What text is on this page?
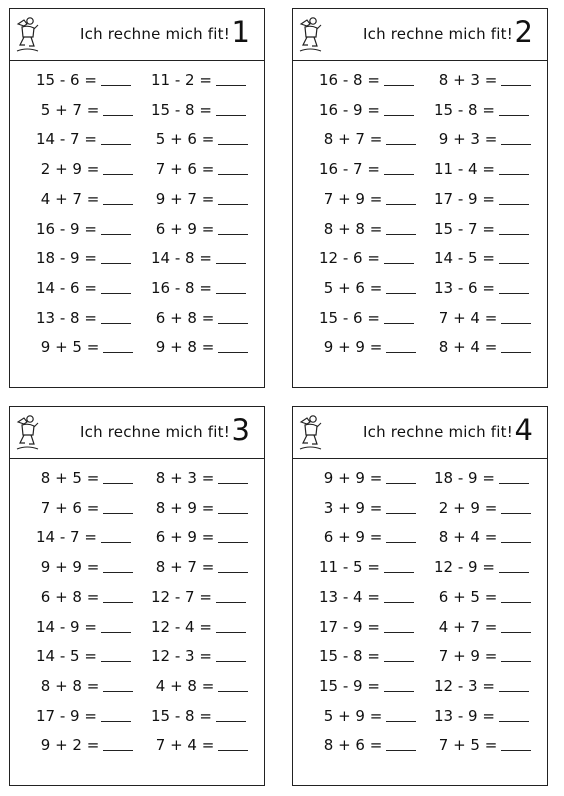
Ich rechne mich fit! 1
15 - 6 =	11 - 2 =
5 + 7 =	15 - 8 =
14 - 7 =	5 + 6 =
2 + 9 =	7 + 6 =
4 + 7 =	9 + 7 =
16 - 9 =	6 + 9 =
18 - 9 =	14 - 8 =
14 - 6 =	16 - 8 =
13 - 8 =	6 + 8 =
9 + 5 =	9 + 8 =
Ich rechne mich fit! 2
16 - 8 =	8 + 3 =
16 - 9 =	15 - 8 =
8 + 7 =	9 + 3 =
16 - 7 =	11 - 4 =
7 + 9 =	17 - 9 =
8 + 8 =	15 - 7 =
12 - 6 =	14 - 5 =
5 + 6 =	13 - 6 =
15 - 6 =	7 + 4 =
9 + 9 =	8 + 4 =
Ich rechne mich fit! 3
8 + 5 =	8 + 3 =
7 + 6 =	8 + 9 =
14 - 7 =	6 + 9 =
9 + 9 =	8 + 7 =
6 + 8 =	12 - 7 =
14 - 9 =	12 - 4 =
14 - 5 =	12 - 3 =
8 + 8 =	4 + 8 =
17 - 9 =	15 - 8 =
9 + 2 =	7 + 4 =
Ich rechne mich fit! 4
9 + 9 =	18 - 9 =
3 + 9 =	2 + 9 =
6 + 9 =	8 + 4 =
11 - 5 =	12 - 9 =
13 - 4 =	6 + 5 =
17 - 9 =	4 + 7 =
15 - 8 =	7 + 9 =
15 - 9 =	12 - 3 =
5 + 9 =	13 - 9 =
8 + 6 =	7 + 5 =
